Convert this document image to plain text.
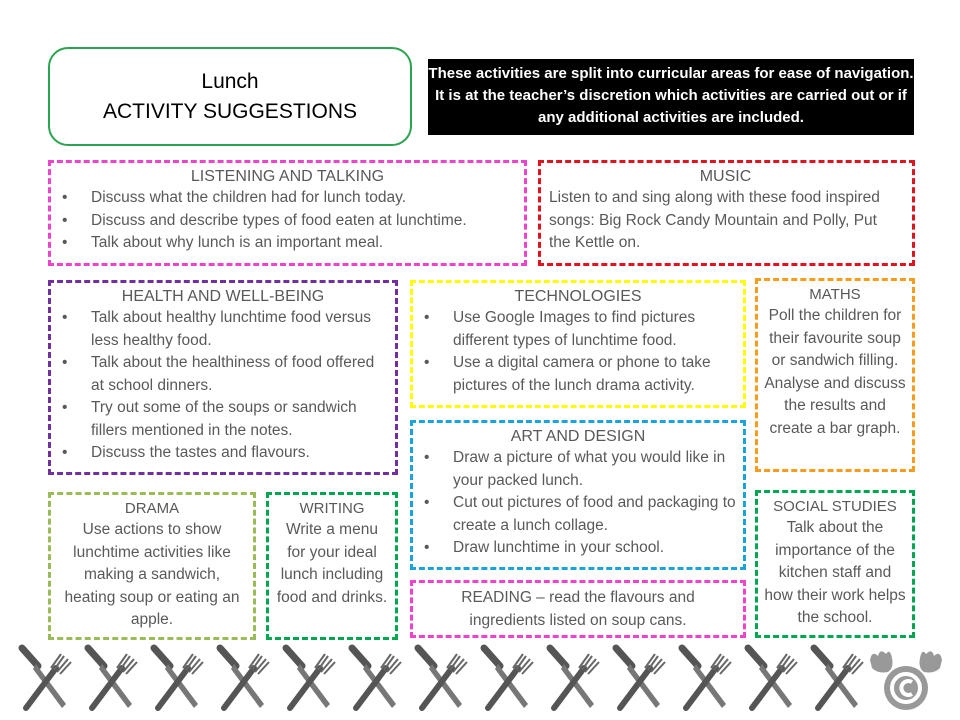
Lunch
ACTIVITY SUGGESTIONS
These activities are split into curricular areas for ease of navigation. It is at the teacher’s discretion which activities are carried out or if any additional activities are included.
LISTENING AND TALKING
• Discuss what the children had for lunch today.
• Discuss and describe types of food eaten at lunchtime.
• Talk about why lunch is an important meal.
MUSIC

Listen to and sing along with these food inspired songs: Big Rock Candy Mountain and Polly, Put the Kettle on.

HEALTH AND WELL-BEING
• Talk about healthy lunchtime food versus less healthy food.
• Talk about the healthiness of food offered at school dinners.
• Try out some of the soups or sandwich fillers mentioned in the notes.
• Discuss the tastes and flavours.
TECHNOLOGIES
• Use Google Images to find pictures different types of lunchtime food.
• Use a digital camera or phone to take pictures of the lunch drama activity.
MATHS

Poll the children for their favourite soup or sandwich filling. Analyse and discuss the results and create a bar graph.

ART AND DESIGN
• Draw a picture of what you would like in your packed lunch.
• Cut out pictures of food and packaging to create a lunch collage.
• Draw lunchtime in your school.
DRAMA

Use actions to show lunchtime activities like making a sandwich, heating soup or eating an apple.

WRITING

Write a menu for your ideal lunch including food and drinks.	READING – read the flavours and ingredients listed on soup cans.

SOCIAL STUDIES

Talk about the importance of the kitchen staff and how their work helps the school.
